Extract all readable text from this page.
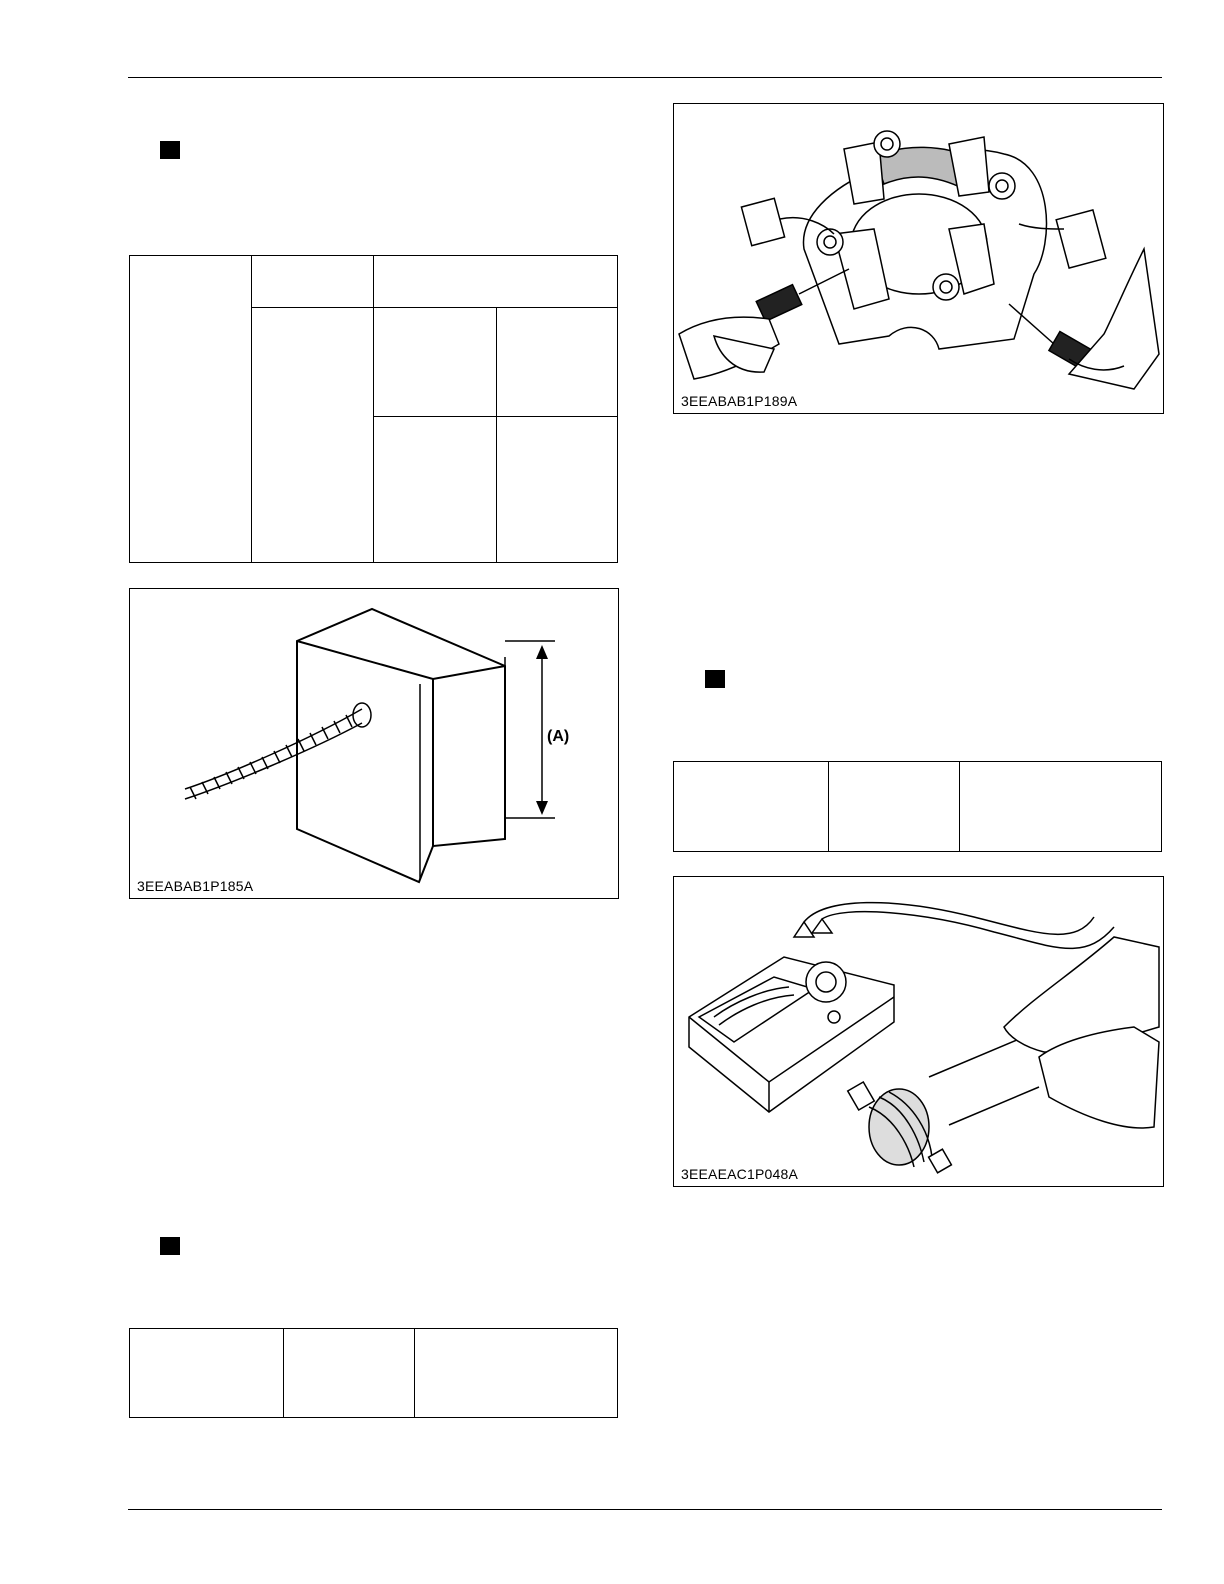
(A)
3EEABAB1P185A
3EEABAB1P189A
3EEAEAC1P048A
